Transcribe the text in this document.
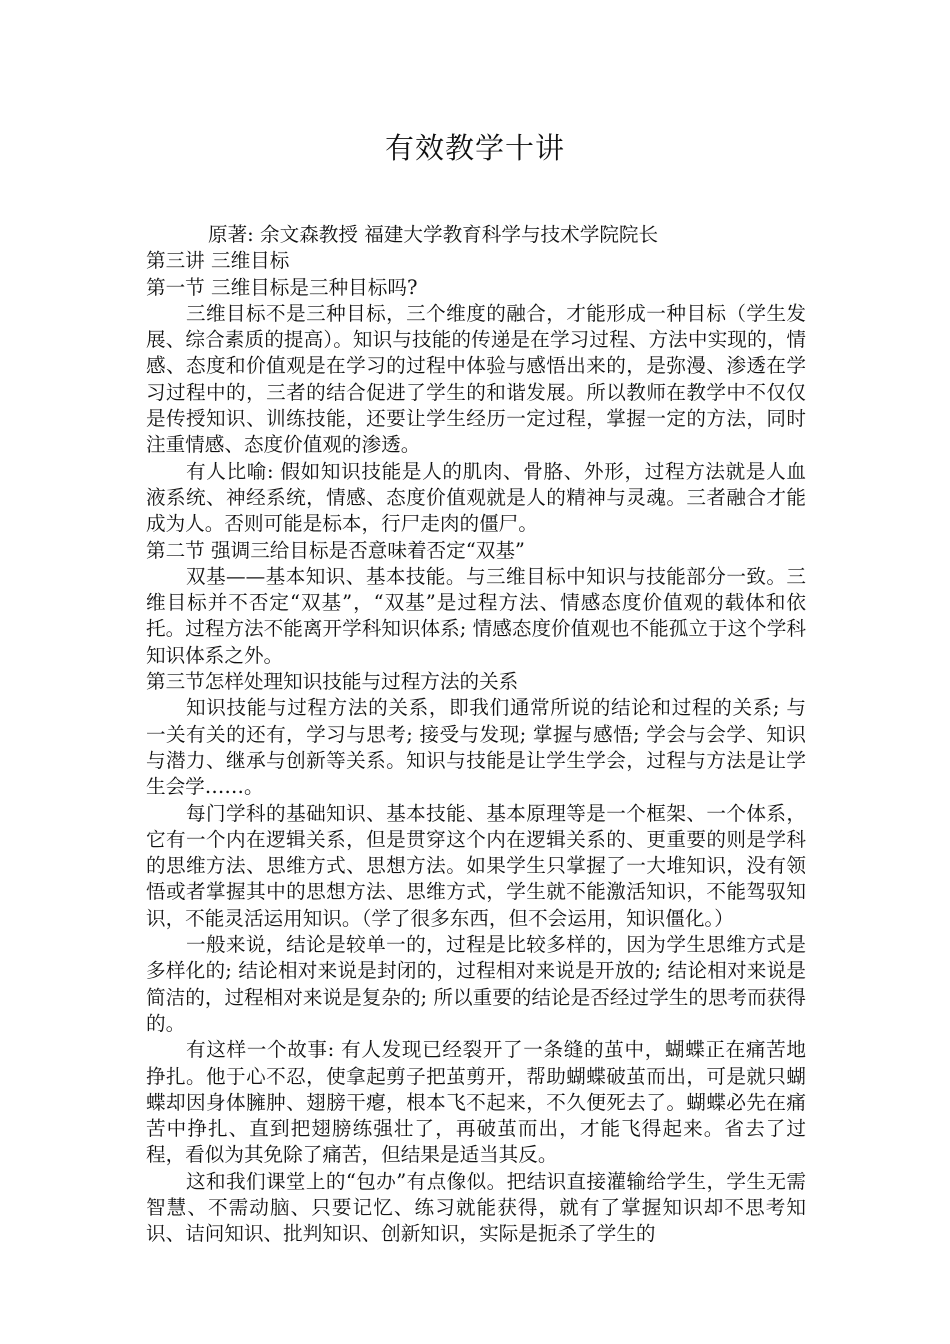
有效教学十讲

原著: 余文森教授 福建大学教育科学与技术学院院长

第三讲 三维目标

第一节 三维目标是三种目标吗?

三维目标不是三种目标，三个维度的融合，才能形成一种目标（学生发展、综合素质的提高）。知识与技能的传递是在学习过程、方法中实现的，情感、态度和价值观是在学习的过程中体验与感悟出来的，是弥漫、渗透在学习过程中的，三者的结合促进了学生的和谐发展。所以教师在教学中不仅仅是传授知识、训练技能，还要让学生经历一定过程，掌握一定的方法，同时注重情感、态度价值观的渗透。

有人比喻: 假如知识技能是人的肌肉、骨胳、外形，过程方法就是人血液系统、神经系统，情感、态度价值观就是人的精神与灵魂。三者融合才能成为人。否则可能是标本，行尸走肉的僵尸。

第二节 强调三给目标是否意味着否定“双基”

双基——基本知识、基本技能。与三维目标中知识与技能部分一致。三维目标并不否定“双基”，“双基”是过程方法、情感态度价值观的载体和依托。过程方法不能离开学科知识体系; 情感态度价值观也不能孤立于这个学科知识体系之外。

第三节怎样处理知识技能与过程方法的关系

知识技能与过程方法的关系，即我们通常所说的结论和过程的关系; 与一关有关的还有，学习与思考; 接受与发现; 掌握与感悟; 学会与会学、知识与潜力、继承与创新等关系。知识与技能是让学生学会，过程与方法是让学生会学……。

每门学科的基础知识、基本技能、基本原理等是一个框架、一个体系，它有一个内在逻辑关系，但是贯穿这个内在逻辑关系的、更重要的则是学科的思维方法、思维方式、思想方法。如果学生只掌握了一大堆知识，没有领悟或者掌握其中的思想方法、思维方式，学生就不能激活知识，不能驾驭知识，不能灵活运用知识。（学了很多东西，但不会运用，知识僵化。）

一般来说，结论是较单一的，过程是比较多样的，因为学生思维方式是多样化的; 结论相对来说是封闭的，过程相对来说是开放的; 结论相对来说是简洁的，过程相对来说是复杂的; 所以重要的结论是否经过学生的思考而获得的。

有这样一个故事: 有人发现已经裂开了一条缝的茧中，蝴蝶正在痛苦地挣扎。他于心不忍，使拿起剪子把茧剪开，帮助蝴蝶破茧而出，可是就只蝴蝶却因身体臃肿、翅膀干瘪，根本飞不起来，不久便死去了。蝴蝶必先在痛苦中挣扎、直到把翅膀练强壮了，再破茧而出，才能飞得起来。省去了过程，看似为其免除了痛苦，但结果是适当其反。

这和我们课堂上的“包办”有点像似。把结识直接灌输给学生，学生无需智慧、不需动脑、只要记忆、练习就能获得，就有了掌握知识却不思考知识、诘问知识、批判知识、创新知识，实际是扼杀了学生的
